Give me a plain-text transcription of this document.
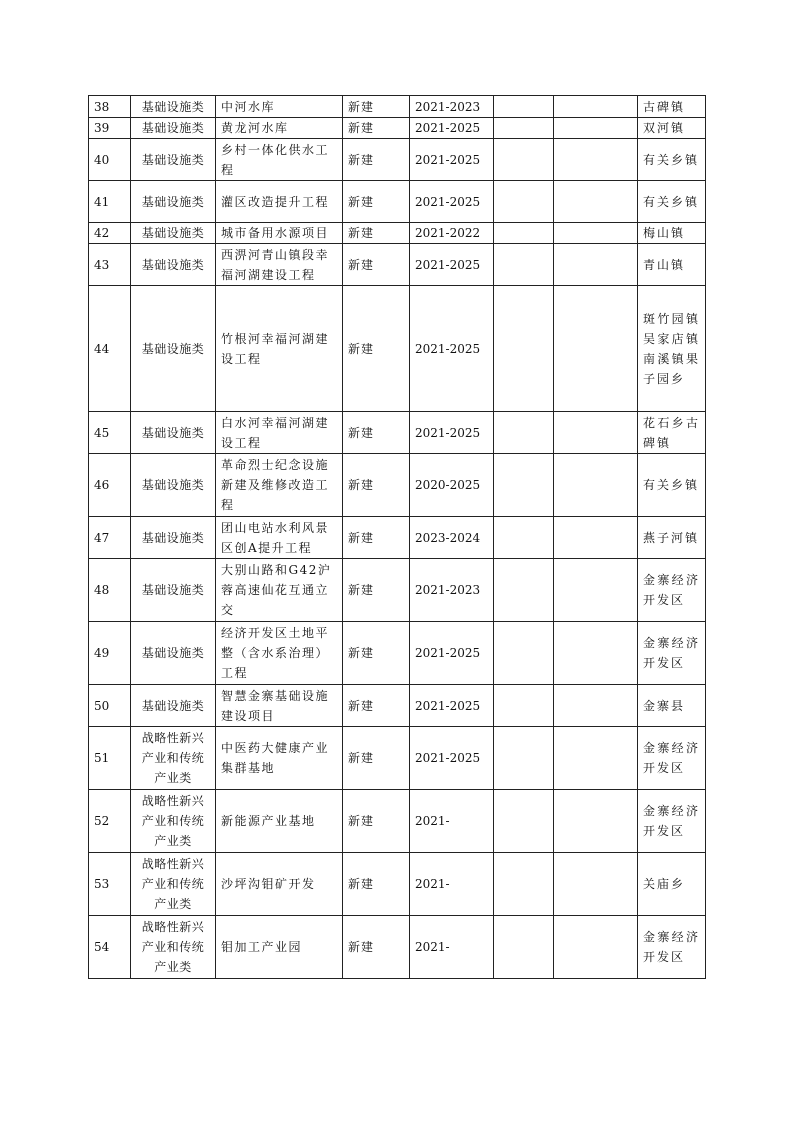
38	基础设施类	中河水库	新建	2021-2023			古碑镇
39	基础设施类	黄龙河水库	新建	2021-2025			双河镇
40	基础设施类	乡村一体化供水工程	新建	2021-2025			有关乡镇
41	基础设施类	灌区改造提升工程	新建	2021-2025			有关乡镇
42	基础设施类	城市备用水源项目	新建	2021-2022			梅山镇
43	基础设施类	西淠河青山镇段幸福河湖建设工程	新建	2021-2025			青山镇
44	基础设施类	竹根河幸福河湖建设工程	新建	2021-2025			斑竹园镇 吴家店镇南溪镇果子园乡
45	基础设施类	白水河幸福河湖建设工程	新建	2021-2025			花石乡古碑镇
46	基础设施类	革命烈士纪念设施新建及维修改造工程	新建	2020-2025			有关乡镇
47	基础设施类	团山电站水利风景区创A提升工程	新建	2023-2024			燕子河镇
48	基础设施类	大别山路和G42沪蓉高速仙花互通立交	新建	2021-2023			金寨经济开发区
49	基础设施类	经济开发区土地平整（含水系治理）工程	新建	2021-2025			金寨经济开发区
50	基础设施类	智慧金寨基础设施建设项目	新建	2021-2025			金寨县
51	战略性新兴产业和传统产业类	中医药大健康产业集群基地	新建	2021-2025			金寨经济开发区
52	战略性新兴产业和传统产业类	新能源产业基地	新建	2021-			金寨经济开发区
53	战略性新兴产业和传统产业类	沙坪沟钼矿开发	新建	2021-			关庙乡
54	战略性新兴产业和传统产业类	钼加工产业园	新建	2021-			金寨经济开发区
